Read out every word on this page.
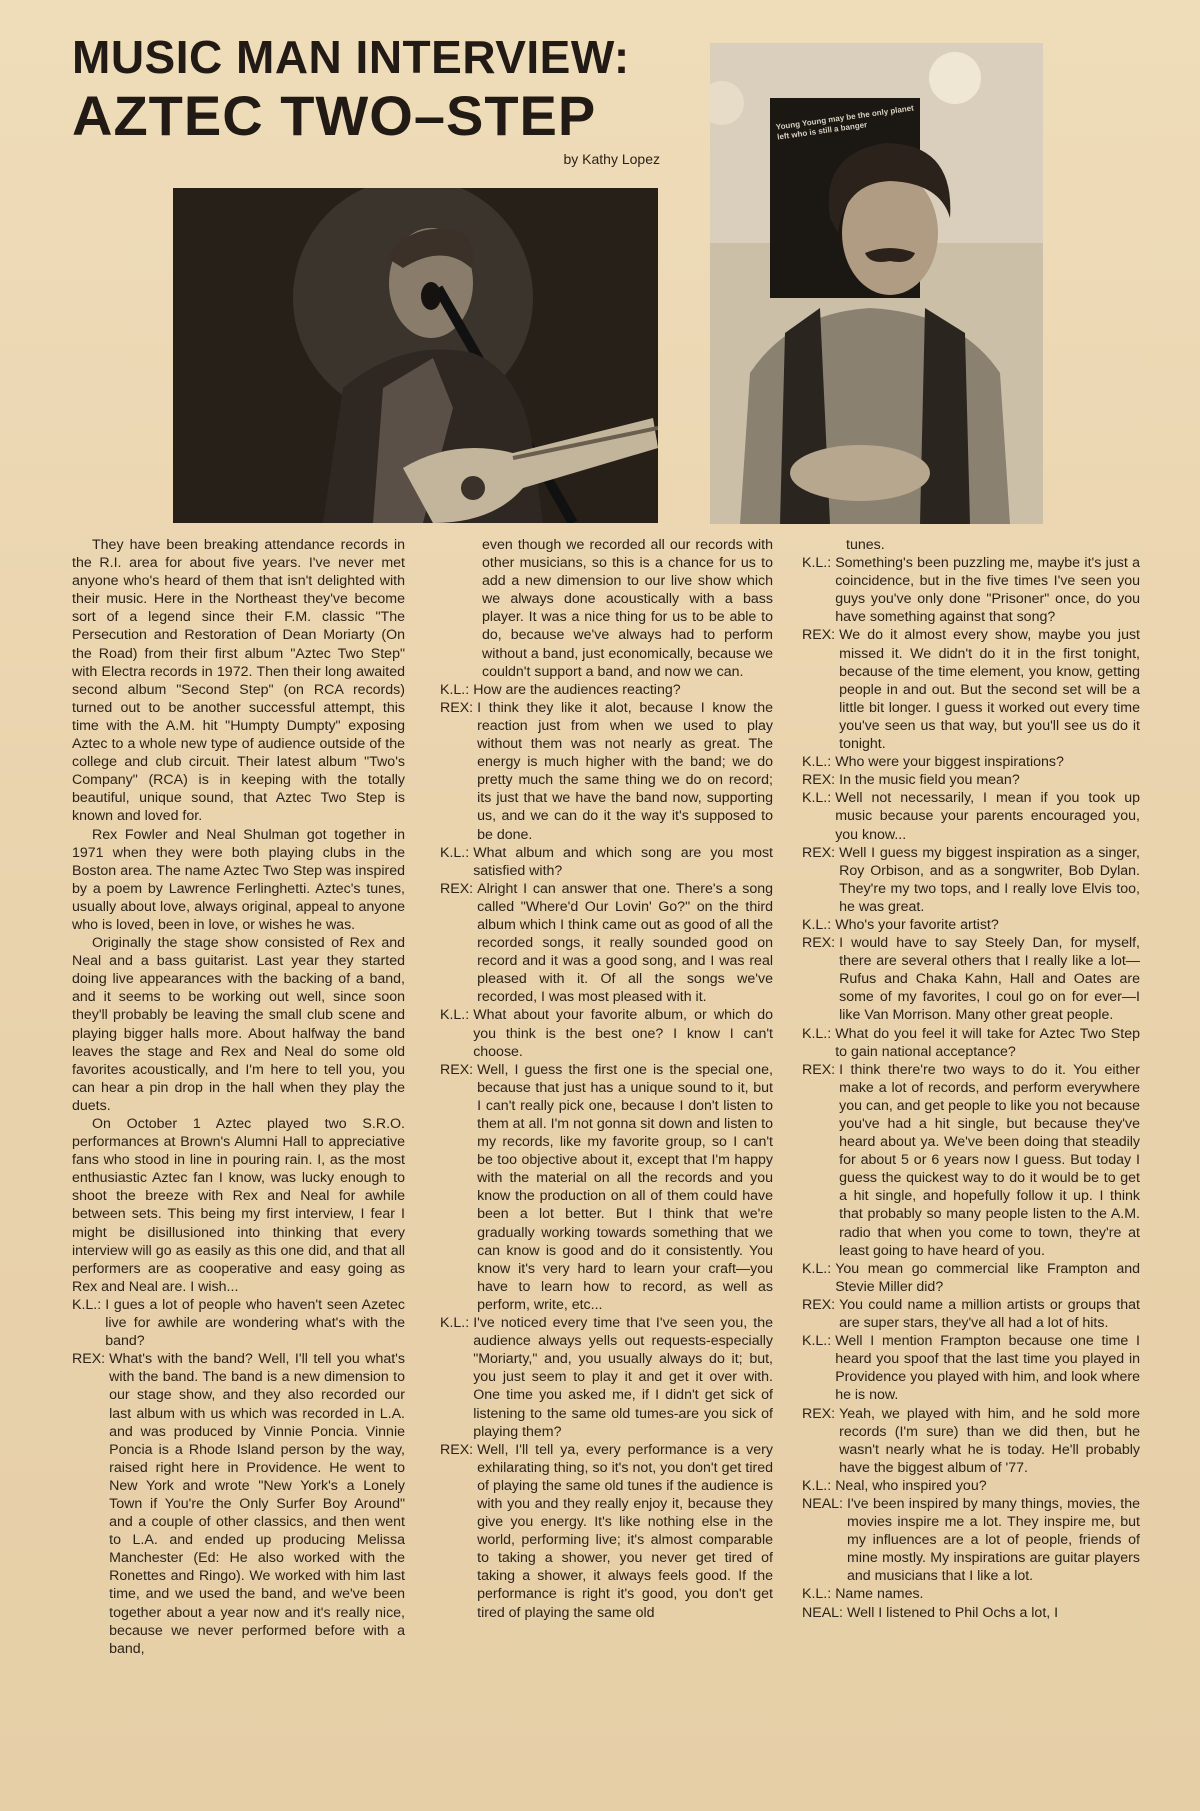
MUSIC MAN INTERVIEW:
AZTEC TWO–STEP
by Kathy Lopez
Young Young may be the only planet left who is still a banger

They have been breaking attendance records in the R.I. area for about five years. I've never met anyone who's heard of them that isn't delighted with their music. Here in the Northeast they've become sort of a legend since their F.M. classic "The Persecution and Restoration of Dean Moriarty (On the Road) from their first album "Aztec Two Step" with Electra records in 1972. Then their long awaited second album "Second Step" (on RCA records) turned out to be another successful attempt, this time with the A.M. hit "Humpty Dumpty" exposing Aztec to a whole new type of audience outside of the college and club circuit. Their latest album "Two's Company" (RCA) is in keeping with the totally beautiful, unique sound, that Aztec Two Step is known and loved for.

Rex Fowler and Neal Shulman got together in 1971 when they were both playing clubs in the Boston area. The name Aztec Two Step was inspired by a poem by Lawrence Ferlinghetti. Aztec's tunes, usually about love, always original, appeal to anyone who is loved, been in love, or wishes he was.

Originally the stage show consisted of Rex and Neal and a bass guitarist. Last year they started doing live appearances with the backing of a band, and it seems to be working out well, since soon they'll probably be leaving the small club scene and playing bigger halls more. About halfway the band leaves the stage and Rex and Neal do some old favorites acoustically, and I'm here to tell you, you can hear a pin drop in the hall when they play the duets.

On October 1 Aztec played two S.R.O. performances at Brown's Alumni Hall to appreciative fans who stood in line in pouring rain. I, as the most enthusiastic Aztec fan I know, was lucky enough to shoot the breeze with Rex and Neal for awhile between sets. This being my first interview, I fear I might be disillusioned into thinking that every interview will go as easily as this one did, and that all performers are as cooperative and easy going as Rex and Neal are. I wish...

K.L.: I gues a lot of people who haven't seen Azetec live for awhile are wondering what's with the band?
REX: What's with the band? Well, I'll tell you what's with the band. The band is a new dimension to our stage show, and they also recorded our last album with us which was recorded in L.A. and was produced by Vinnie Poncia. Vinnie Poncia is a Rhode Island person by the way, raised right here in Providence. He went to New York and wrote "New York's a Lonely Town if You're the Only Surfer Boy Around" and a couple of other classics, and then went to L.A. and ended up producing Melissa Manchester (Ed: He also worked with the Ronettes and Ringo). We worked with him last time, and we used the band, and we've been together about a year now and it's really nice, because we never performed before with a band,

even though we recorded all our records with other musicians, so this is a chance for us to add a new dimension to our live show which we always done acoustically with a bass player. It was a nice thing for us to be able to do, because we've always had to perform without a band, just economically, because we couldn't support a band, and now we can.

K.L.: How are the audiences reacting?
REX: I think they like it alot, because I know the reaction just from when we used to play without them was not nearly as great. The energy is much higher with the band; we do pretty much the same thing we do on record; its just that we have the band now, supporting us, and we can do it the way it's supposed to be done.
K.L.: What album and which song are you most satisfied with?
REX: Alright I can answer that one. There's a song called "Where'd Our Lovin' Go?" on the third album which I think came out as good of all the recorded songs, it really sounded good on record and it was a good song, and I was real pleased with it. Of all the songs we've recorded, I was most pleased with it.
K.L.: What about your favorite album, or which do you think is the best one? I know I can't choose.
REX: Well, I guess the first one is the special one, because that just has a unique sound to it, but I can't really pick one, because I don't listen to them at all. I'm not gonna sit down and listen to my records, like my favorite group, so I can't be too objective about it, except that I'm happy with the material on all the records and you know the production on all of them could have been a lot better. But I think that we're gradually working towards something that we can know is good and do it consistently. You know it's very hard to learn your craft—you have to learn how to record, as well as perform, write, etc...
K.L.: I've noticed every time that I've seen you, the audience always yells out requests-especially "Moriarty," and, you usually always do it; but, you just seem to play it and get it over with. One time you asked me, if I didn't get sick of listening to the same old tumes-are you sick of playing them?
REX: Well, I'll tell ya, every performance is a very exhilarating thing, so it's not, you don't get tired of playing the same old tunes if the audience is with you and they really enjoy it, because they give you energy. It's like nothing else in the world, performing live; it's almost comparable to taking a shower, you never get tired of taking a shower, it always feels good. If the performance is right it's good, you don't get tired of playing the same old

tunes.

K.L.: Something's been puzzling me, maybe it's just a coincidence, but in the five times I've seen you guys you've only done "Prisoner" once, do you have something against that song?
REX: We do it almost every show, maybe you just missed it. We didn't do it in the first tonight, because of the time element, you know, getting people in and out. But the second set will be a little bit longer. I guess it worked out every time you've seen us that way, but you'll see us do it tonight.
K.L.: Who were your biggest inspirations?
REX: In the music field you mean?
K.L.: Well not necessarily, I mean if you took up music because your parents encouraged you, you know...
REX: Well I guess my biggest inspiration as a singer, Roy Orbison, and as a songwriter, Bob Dylan. They're my two tops, and I really love Elvis too, he was great.
K.L.: Who's your favorite artist?
REX: I would have to say Steely Dan, for myself, there are several others that I really like a lot—Rufus and Chaka Kahn, Hall and Oates are some of my favorites, I coul go on for ever—I like Van Morrison. Many other great people.
K.L.: What do you feel it will take for Aztec Two Step to gain national acceptance?
REX: I think there're two ways to do it. You either make a lot of records, and perform everywhere you can, and get people to like you not because you've had a hit single, but because they've heard about ya. We've been doing that steadily for about 5 or 6 years now I guess. But today I guess the quickest way to do it would be to get a hit single, and hopefully follow it up. I think that probably so many people listen to the A.M. radio that when you come to town, they're at least going to have heard of you.
K.L.: You mean go commercial like Frampton and Stevie Miller did?
REX: You could name a million artists or groups that are super stars, they've all had a lot of hits.
K.L.: Well I mention Frampton because one time I heard you spoof that the last time you played in Providence you played with him, and look where he is now.
REX: Yeah, we played with him, and he sold more records (I'm sure) than we did then, but he wasn't nearly what he is today. He'll probably have the biggest album of '77.
K.L.: Neal, who inspired you?
NEAL: I've been inspired by many things, movies, the movies inspire me a lot. They inspire me, but my influences are a lot of people, friends of mine mostly. My inspirations are guitar players and musicians that I like a lot.
K.L.: Name names.
NEAL: Well I listened to Phil Ochs a lot, I
